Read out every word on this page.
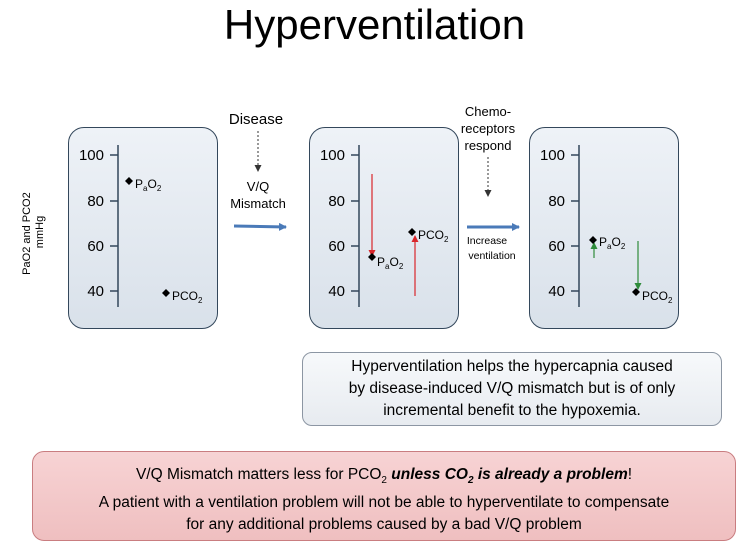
Hyperventilation
PaO2 and PCO2 mmHg
100
80
60
40
100
80
60
40
100
80
60
40
$P_aO_2$
$PCO_2$
$P_aO_2$
$PCO_2$	$P_aO_2$
$PCO_2$
Disease
V/Q
Mismatch
Chemo-
receptors
respond
Increase
ventilation
Hyperventilation helps the hypercapnia caused
by disease-induced V/Q mismatch but is of only
incremental benefit to the hypoxemia.
V/Q Mismatch matters less for $PCO_2$ unless $CO_2$ is already a problem!
A patient with a ventilation problem will not be able to hyperventilate to compensate
for any additional problems caused by a bad V/Q problem
